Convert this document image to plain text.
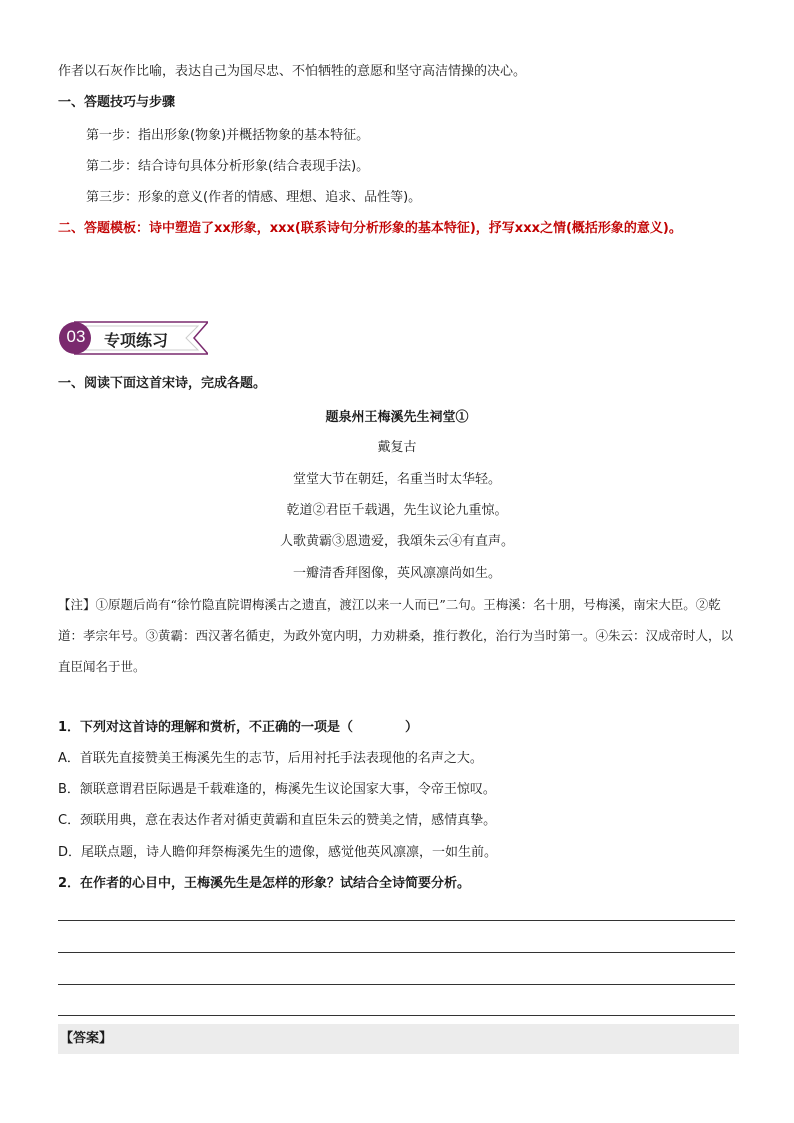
作者以石灰作比喻，表达自己为国尽忠、不怕牺牲的意愿和坚守高洁情操的决心。
一、答题技巧与步骤
第一步：指出形象(物象)并概括物象的基本特征。
第二步：结合诗句具体分析形象(结合表现手法)。
第三步：形象的意义(作者的情感、理想、追求、品性等)。
二、答题模板：诗中塑造了xx形象，xxx(联系诗句分析形象的基本特征)，抒写xxx之情(概括形象的意义)。
03 专项练习
一、阅读下面这首宋诗，完成各题。
题泉州王梅溪先生祠堂①
戴复古
堂堂大节在朝廷，名重当时太华轻。
乾道②君臣千载遇，先生议论九重惊。
人歌黄霸③恩遗爱，我頌朱云④有直声。
一瓣清香拜图像，英风凛凛尚如生。
【注】①原题后尚有“徐竹隐直院谓梅溪古之遗直，渡江以来一人而已”二句。王梅溪：名十朋，号梅溪，南宋大臣。②乾道：孝宗年号。③黄霸：西汉著名循吏，为政外宽内明，力劝耕桑，推行教化，治行为当时第一。④朱云：汉成帝时人，以直臣闻名于世。
1．下列对这首诗的理解和赏析，不正确的一项是（　　　　）
A．首联先直接赞美王梅溪先生的志节，后用衬托手法表现他的名声之大。
B．颔联意谓君臣际遇是千载难逢的，梅溪先生议论国家大事，令帝王惊叹。
C．颈联用典，意在表达作者对循吏黄霸和直臣朱云的赞美之情，感情真挚。
D．尾联点题，诗人瞻仰拜祭梅溪先生的遗像，感觉他英风凛凛，一如生前。
2．在作者的心目中，王梅溪先生是怎样的形象？试结合全诗简要分析。
【答案】
